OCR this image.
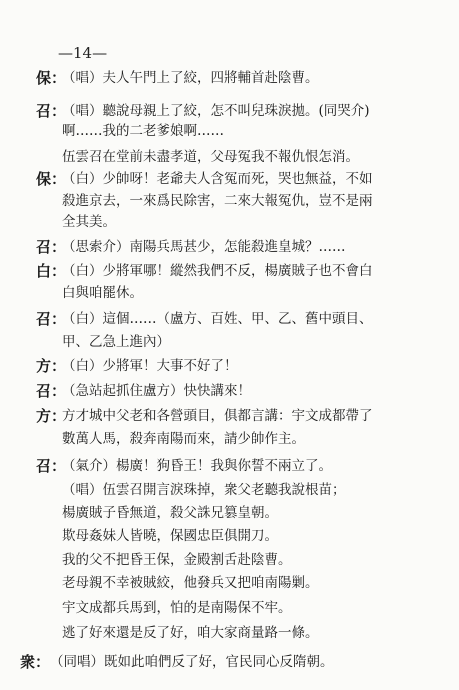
—14—
保：
（唱）夫人午門上了絞，四將輔首赴陰曹。
召：
（唱）聽說母親上了絞，怎不叫兒珠淚拋。(同哭介)
啊……我的二老爹娘啊……
伍雲召在堂前未盡孝道，父母冤我不報仇恨怎消。
保：
（白）少帥呀！老爺夫人含冤而死，哭也無益，不如
殺進京去，一來爲民除害，二來大報冤仇，豈不是兩
全其美。
召：
（思索介）南陽兵馬甚少，怎能殺進皇城？……
白：
（白）少將軍哪！縱然我們不反，楊廣賊子也不會白
白與咱罷休。
召：
（白）這個……（盧方、百姓、甲、乙、舊中頭目、
甲、乙急上進內）
方：
（白）少將軍！大事不好了！
召：
（急站起抓住盧方）快快講來！
方：
方才城中父老和各營頭目，俱都言講：宇文成都帶了
數萬人馬，殺奔南陽而來，請少帥作主。
召：
（氣介）楊廣！狗昏王！我與你誓不兩立了。
（唱）伍雲召開言淚珠掉，衆父老聽我說根苗；
楊廣賊子昏無道，殺父誅兄篡皇朝。
欺母姦妹人皆曉，保國忠臣俱開刀。
我的父不把昏王保，金殿割舌赴陰曹。
老母親不幸被賊絞，他發兵又把咱南陽剿。
宇文成都兵馬到，怕的是南陽保不牢。
逃了好來還是反了好，咱大家商量路一條。
衆： （同唱）既如此咱們反了好，官民同心反隋朝。
